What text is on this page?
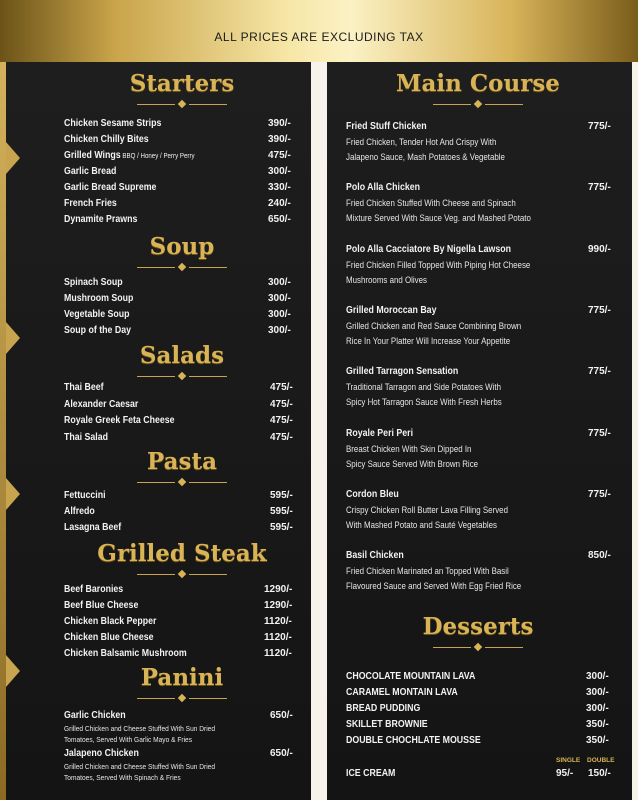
ALL PRICES ARE EXCLUDING TAX
Starters
Chicken Sesame Strips	390/-
Chicken Chilly Bites	390/-
Grilled Wings BBQ / Honey / Perry Perry	475/-
Garlic Bread	300/-
Garlic Bread Supreme	330/-
French Fries	240/-
Dynamite Prawns	650/-
Soup
Spinach Soup	300/-
Mushroom Soup	300/-
Vegetable Soup	300/-
Soup of the Day	300/-
Salads
Thai Beef	475/-
Alexander Caesar	475/-
Royale Greek Feta Cheese	475/-
Thai Salad	475/-
Pasta
Fettuccini	595/-
Alfredo	595/-
Lasagna Beef	595/-
Grilled Steak
Beef Baronies	1290/-
Beef Blue Cheese	1290/-
Chicken Black Pepper	1120/-
Chicken Blue Cheese	1120/-
Chicken Balsamic Mushroom	1120/-
Panini
Garlic Chicken	650/-
Grilled Chicken and Cheese Stuffed With Sun Dried
Tomatoes, Served With Garlic Mayo & Fries
Jalapeno Chicken	650/-
Grilled Chicken and Cheese Stuffed With Sun Dried
Tomatoes, Served With Spinach & Fries
Main Course
Fried Stuff Chicken	775/-
Fried Chicken, Tender Hot And Crispy With
Jalapeno Sauce, Mash Potatoes & Vegetable
Polo Alla Chicken	775/-
Fried Chicken Stuffed With Cheese and Spinach
Mixture Served With Sauce Veg. and Mashed Potato
Polo Alla Cacciatore By Nigella Lawson	990/-
Fried Chicken Filled Topped With Piping Hot Cheese
Mushrooms and Olives
Grilled Moroccan Bay	775/-
Grilled Chicken and Red Sauce Combining Brown
Rice In Your Platter Will Increase Your Appetite
Grilled Tarragon Sensation	775/-
Traditional Tarragon and Side Potatoes With
Spicy Hot Tarragon Sauce With Fresh Herbs
Royale Peri Peri	775/-
Breast Chicken With Skin Dipped In
Spicy Sauce Served With Brown Rice
Cordon Bleu	775/-
Crispy Chicken Roll Butter Lava Filling Served
With Mashed Potato and Sauté Vegetables
Basil Chicken	850/-
Fried Chicken Marinated an Topped With Basil
Flavoured Sauce and Served With Egg Fried Rice
Desserts
CHOCOLATE MOUNTAIN LAVA	300/-
CARAMEL MONTAIN LAVA	300/-
BREAD PUDDING	300/-
SKILLET BROWNIE	350/-
DOUBLE CHOCHLATE MOUSSE	350/-
SINGLE DOUBLE
ICE CREAM	95/- 150/-
